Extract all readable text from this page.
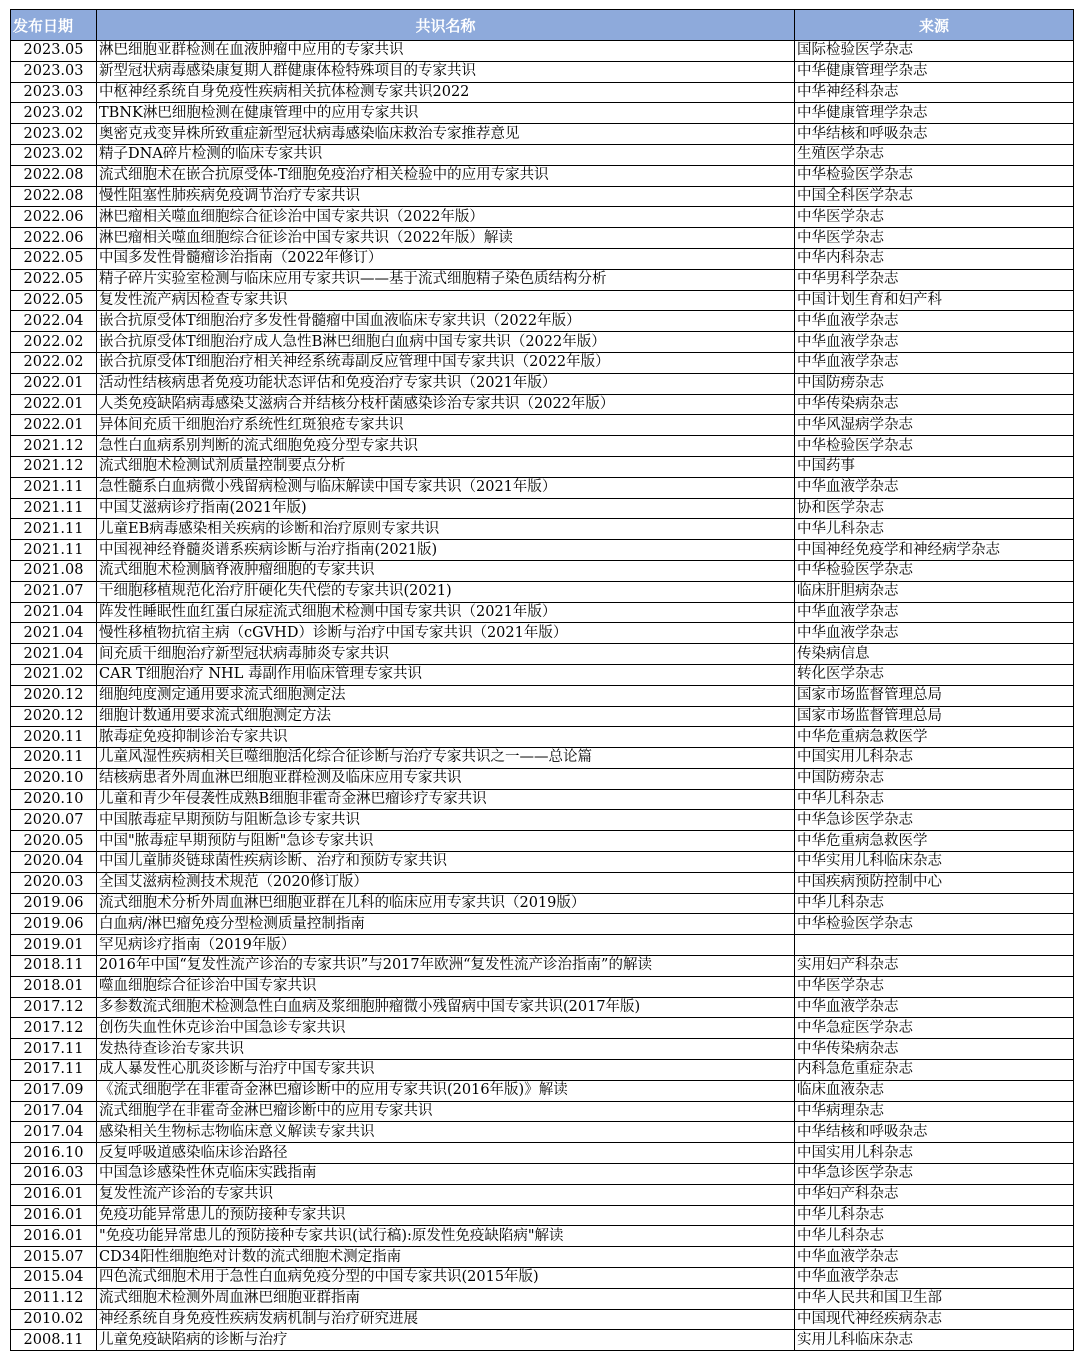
发布日期	共识名称	来源
2023.05	淋巴细胞亚群检测在血液肿瘤中应用的专家共识	国际检验医学杂志
2023.03	新型冠状病毒感染康复期人群健康体检特殊项目的专家共识	中华健康管理学杂志
2023.03	中枢神经系统自身免疫性疾病相关抗体检测专家共识2022	中华神经科杂志
2023.02	TBNK淋巴细胞检测在健康管理中的应用专家共识	中华健康管理学杂志
2023.02	奥密克戎变异株所致重症新型冠状病毒感染临床救治专家推荐意见	中华结核和呼吸杂志
2023.02	精子DNA碎片检测的临床专家共识	生殖医学杂志
2022.08	流式细胞术在嵌合抗原受体-T细胞免疫治疗相关检验中的应用专家共识	中华检验医学杂志
2022.08	慢性阻塞性肺疾病免疫调节治疗专家共识	中国全科医学杂志
2022.06	淋巴瘤相关噬血细胞综合征诊治中国专家共识（2022年版）	中华医学杂志
2022.06	淋巴瘤相关噬血细胞综合征诊治中国专家共识（2022年版）解读	中华医学杂志
2022.05	中国多发性骨髓瘤诊治指南（2022年修订）	中华内科杂志
2022.05	精子碎片实验室检测与临床应用专家共识——基于流式细胞精子染色质结构分析	中华男科学杂志
2022.05	复发性流产病因检查专家共识	中国计划生育和妇产科
2022.04	嵌合抗原受体T细胞治疗多发性骨髓瘤中国血液临床专家共识（2022年版）	中华血液学杂志
2022.02	嵌合抗原受体T细胞治疗成人急性B淋巴细胞白血病中国专家共识（2022年版）	中华血液学杂志
2022.02	嵌合抗原受体T细胞治疗相关神经系统毒副反应管理中国专家共识（2022年版）	中华血液学杂志
2022.01	活动性结核病患者免疫功能状态评估和免疫治疗专家共识（2021年版）	中国防痨杂志
2022.01	人类免疫缺陷病毒感染艾滋病合并结核分枝杆菌感染诊治专家共识（2022年版）	中华传染病杂志
2022.01	异体间充质干细胞治疗系统性红斑狼疮专家共识	中华风湿病学杂志
2021.12	急性白血病系别判断的流式细胞免疫分型专家共识	中华检验医学杂志
2021.12	流式细胞术检测试剂质量控制要点分析	中国药事
2021.11	急性髓系白血病微小残留病检测与临床解读中国专家共识（2021年版）	中华血液学杂志
2021.11	中国艾滋病诊疗指南(2021年版)	协和医学杂志
2021.11	儿童EB病毒感染相关疾病的诊断和治疗原则专家共识	中华儿科杂志
2021.11	中国视神经脊髓炎谱系疾病诊断与治疗指南(2021版)	中国神经免疫学和神经病学杂志
2021.08	流式细胞术检测脑脊液肿瘤细胞的专家共识	中华检验医学杂志
2021.07	干细胞移植规范化治疗肝硬化失代偿的专家共识(2021)	临床肝胆病杂志
2021.04	阵发性睡眠性血红蛋白尿症流式细胞术检测中国专家共识（2021年版）	中华血液学杂志
2021.04	慢性移植物抗宿主病（cGVHD）诊断与治疗中国专家共识（2021年版）	中华血液学杂志
2021.04	间充质干细胞治疗新型冠状病毒肺炎专家共识	传染病信息
2021.02	CAR T细胞治疗 NHL 毒副作用临床管理专家共识	转化医学杂志
2020.12	细胞纯度测定通用要求流式细胞测定法	国家市场监督管理总局
2020.12	细胞计数通用要求流式细胞测定方法	国家市场监督管理总局
2020.11	脓毒症免疫抑制诊治专家共识	中华危重病急救医学
2020.11	儿童风湿性疾病相关巨噬细胞活化综合征诊断与治疗专家共识之一——总论篇	中国实用儿科杂志
2020.10	结核病患者外周血淋巴细胞亚群检测及临床应用专家共识	中国防痨杂志
2020.10	儿童和青少年侵袭性成熟B细胞非霍奇金淋巴瘤诊疗专家共识	中华儿科杂志
2020.07	中国脓毒症早期预防与阻断急诊专家共识	中华急诊医学杂志
2020.05	中国"脓毒症早期预防与阻断"急诊专家共识	中华危重病急救医学
2020.04	中国儿童肺炎链球菌性疾病诊断、治疗和预防专家共识	中华实用儿科临床杂志
2020.03	全国艾滋病检测技术规范（2020修订版）	中国疾病预防控制中心
2019.06	流式细胞术分析外周血淋巴细胞亚群在儿科的临床应用专家共识（2019版）	中华儿科杂志
2019.06	白血病/淋巴瘤免疫分型检测质量控制指南	中华检验医学杂志
2019.01	罕见病诊疗指南（2019年版）	
2018.11	2016年中国“复发性流产诊治的专家共识”与2017年欧洲“复发性流产诊治指南”的解读	实用妇产科杂志
2018.01	噬血细胞综合征诊治中国专家共识	中华医学杂志
2017.12	多参数流式细胞术检测急性白血病及浆细胞肿瘤微小残留病中国专家共识(2017年版)	中华血液学杂志
2017.12	创伤失血性休克诊治中国急诊专家共识	中华急症医学杂志
2017.11	发热待查诊治专家共识	中华传染病杂志
2017.11	成人暴发性心肌炎诊断与治疗中国专家共识	内科急危重症杂志
2017.09	《流式细胞学在非霍奇金淋巴瘤诊断中的应用专家共识(2016年版)》解读	临床血液杂志
2017.04	流式细胞学在非霍奇金淋巴瘤诊断中的应用专家共识	中华病理杂志
2017.04	感染相关生物标志物临床意义解读专家共识	中华结核和呼吸杂志
2016.10	反复呼吸道感染临床诊治路径	中国实用儿科杂志
2016.03	中国急诊感染性休克临床实践指南	中华急诊医学杂志
2016.01	复发性流产诊治的专家共识	中华妇产科杂志
2016.01	免疫功能异常患儿的预防接种专家共识	中华儿科杂志
2016.01	"免疫功能异常患儿的预防接种专家共识(试行稿):原发性免疫缺陷病"解读	中华儿科杂志
2015.07	CD34阳性细胞绝对计数的流式细胞术测定指南	中华血液学杂志
2015.04	四色流式细胞术用于急性白血病免疫分型的中国专家共识(2015年版)	中华血液学杂志
2011.12	流式细胞术检测外周血淋巴细胞亚群指南	中华人民共和国卫生部
2010.02	神经系统自身免疫性疾病发病机制与治疗研究进展	中国现代神经疾病杂志
2008.11	儿童免疫缺陷病的诊断与治疗	实用儿科临床杂志
